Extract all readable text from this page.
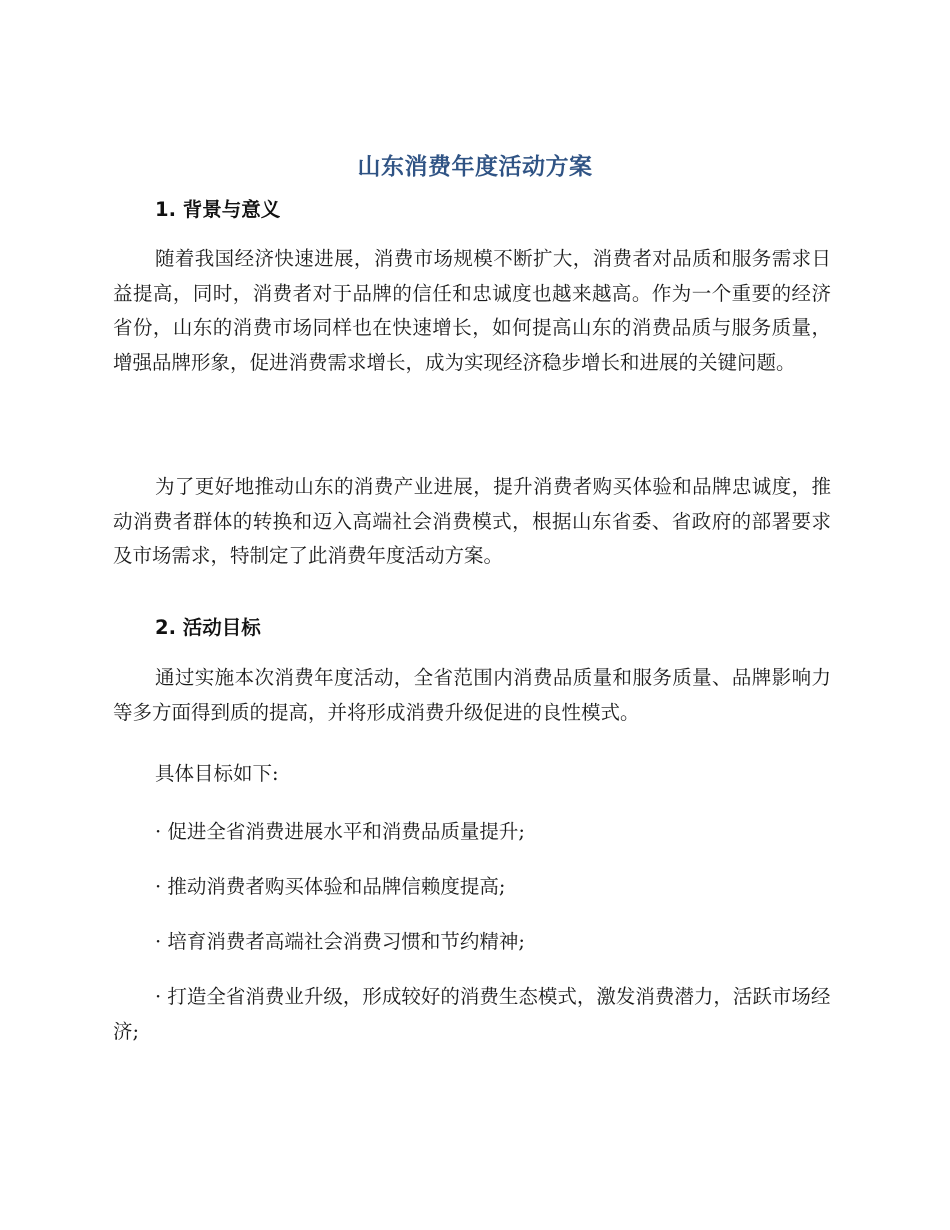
山东消费年度活动方案
1. 背景与意义

随着我国经济快速进展，消费市场规模不断扩大，消费者对品质和服务需求日益提高，同时，消费者对于品牌的信任和忠诚度也越来越高。作为一个重要的经济省份，山东的消费市场同样也在快速增长，如何提高山东的消费品质与服务质量，增强品牌形象，促进消费需求增长，成为实现经济稳步增长和进展的关键问题。

为了更好地推动山东的消费产业进展，提升消费者购买体验和品牌忠诚度，推动消费者群体的转换和迈入高端社会消费模式，根据山东省委、省政府的部署要求及市场需求，特制定了此消费年度活动方案。

2. 活动目标

通过实施本次消费年度活动，全省范围内消费品质量和服务质量、品牌影响力等多方面得到质的提高，并将形成消费升级促进的良性模式。

具体目标如下:

· 促进全省消费进展水平和消费品质量提升;

· 推动消费者购买体验和品牌信赖度提高;

· 培育消费者高端社会消费习惯和节约精神;

· 打造全省消费业升级，形成较好的消费生态模式，激发消费潜力，活跃市场经济;
